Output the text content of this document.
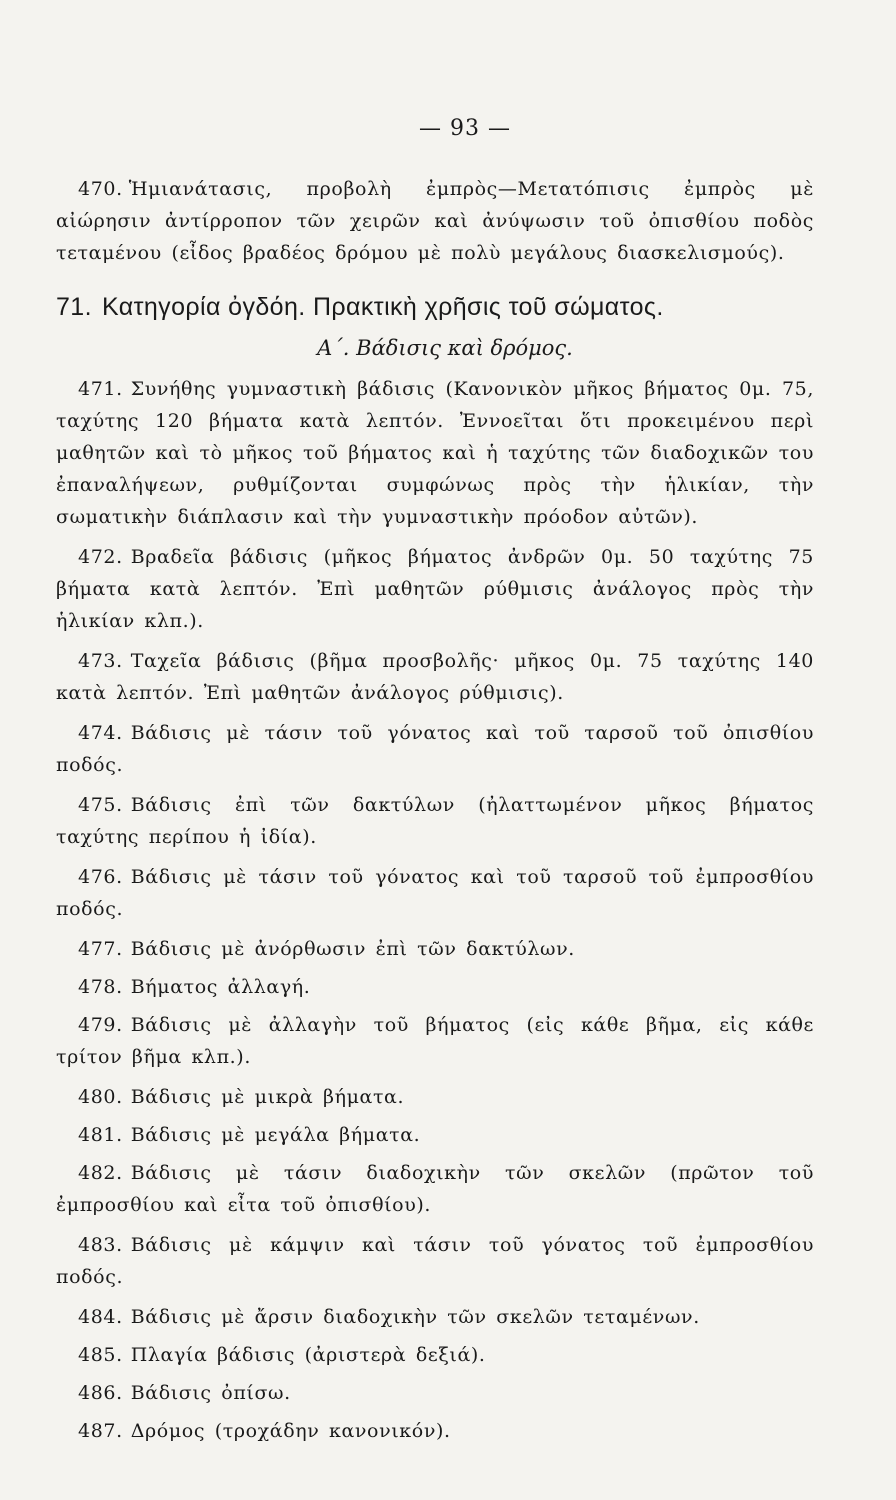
— 93 —

470. Ἡμιανάτασις, προβολὴ ἐμπρὸς—Μετατόπισις ἐμπρὸς μὲ αἰώρησιν ἀντίρροπον τῶν χειρῶν καὶ ἀνύψωσιν τοῦ ὀπισθίου ποδὸς τεταμένου (εἶδος βραδέος δρόμου μὲ πολὺ μεγάλους διασκελισμούς).

71. Κατηγορία ὀγδόη. Πρακτικὴ χρῆσις τοῦ σώματος.
Α΄. Βάδισις καὶ δρόμος.

471. Συνήθης γυμναστικὴ βάδισις (Κανονικὸν μῆκος βήματος 0μ. 75, ταχύτης 120 βήματα κατὰ λεπτόν. Ἐννοεῖται ὅτι προκειμένου περὶ μαθητῶν καὶ τὸ μῆκος τοῦ βήματος καὶ ἡ ταχύτης τῶν διαδοχικῶν του ἐπαναλήψεων, ρυθμίζονται συμφώνως πρὸς τὴν ἡλικίαν, τὴν σωματικὴν διάπλασιν καὶ τὴν γυμναστικὴν πρόοδον αὐτῶν).

472. Βραδεῖα βάδισις (μῆκος βήματος ἀνδρῶν 0μ. 50 ταχύτης 75 βήματα κατὰ λεπτόν. Ἐπὶ μαθητῶν ρύθμισις ἀνάλογος πρὸς τὴν ἡλικίαν κλπ.).

473. Ταχεῖα βάδισις (βῆμα προσβολῆς· μῆκος 0μ. 75 ταχύτης 140 κατὰ λεπτόν. Ἐπὶ μαθητῶν ἀνάλογος ρύθμισις).

474. Βάδισις μὲ τάσιν τοῦ γόνατος καὶ τοῦ ταρσοῦ τοῦ ὀπισθίου ποδός.

475. Βάδισις ἐπὶ τῶν δακτύλων (ἠλαττωμένον μῆκος βήματος ταχύτης περίπου ἡ ἰδία).

476. Βάδισις μὲ τάσιν τοῦ γόνατος καὶ τοῦ ταρσοῦ τοῦ ἐμπροσθίου ποδός.

477. Βάδισις μὲ ἀνόρθωσιν ἐπὶ τῶν δακτύλων.

478. Βήματος ἀλλαγή.

479. Βάδισις μὲ ἀλλαγὴν τοῦ βήματος (εἰς κάθε βῆμα, εἰς κάθε τρίτον βῆμα κλπ.).

480. Βάδισις μὲ μικρὰ βήματα.

481. Βάδισις μὲ μεγάλα βήματα.

482. Βάδισις μὲ τάσιν διαδοχικὴν τῶν σκελῶν (πρῶτον τοῦ ἐμπροσθίου καὶ εἶτα τοῦ ὀπισθίου).

483. Βάδισις μὲ κάμψιν καὶ τάσιν τοῦ γόνατος τοῦ ἐμπροσθίου ποδός.

484. Βάδισις μὲ ἄρσιν διαδοχικὴν τῶν σκελῶν τεταμένων.

485. Πλαγία βάδισις (ἀριστερὰ δεξιά).

486. Βάδισις ὀπίσω.

487. Δρόμος (τροχάδην κανονικόν).
